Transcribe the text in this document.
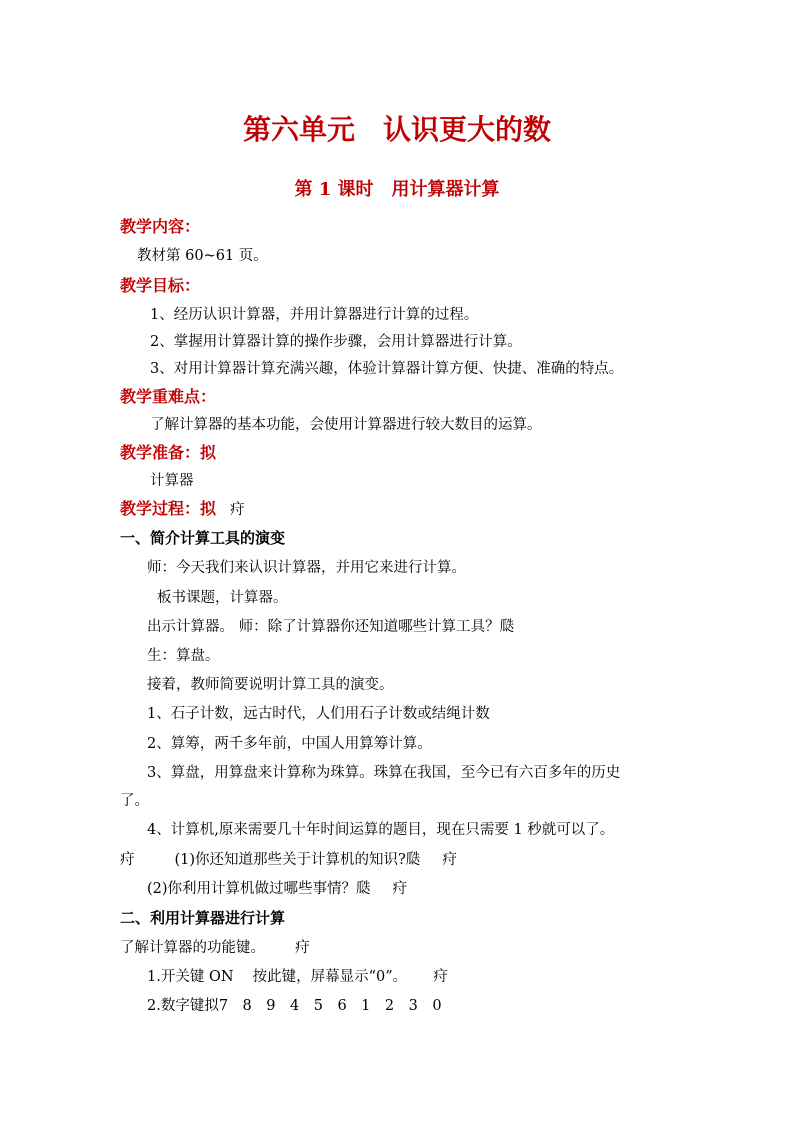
第六单元　认识更大的数
第 1 课时　用计算器计算
教学内容：
教材第 60~61 页。
教学目标：
1、经历认识计算器，并用计算器进行计算的过程。
2、掌握用计算器计算的操作步骤，会用计算器进行计算。
3、对用计算器计算充满兴趣，体验计算器计算方便、快捷、准确的特点。
教学重难点：
了解计算器的基本功能，会使用计算器进行较大数目的运算。
教学准备：拟
计算器
教学过程：拟 疛
一、简介计算工具的演变
师：今天我们来认识计算器，并用它来进行计算。
板书课题，计算器。
出示计算器。 师：除了计算器你还知道哪些计算工具？瓞
生：算盘。
接着，教师简要说明计算工具的演变。
1、石子计数，远古时代，人们用石子计数或结绳计数
2、算筹，两千多年前，中国人用算筹计算。
3、算盘，用算盘来计算称为珠算。珠算在我国，至今已有六百多年的历史
了。
4、计算机,原来需要几十年时间运算的题目，现在只需要 1 秒就可以了。
疛	(1)你还知道那些关于计算机的知识?瓞 疛
(2)你利用计算机做过哪些事情？瓞 疛
二、利用计算器进行计算
了解计算器的功能键。 疛
1.开关键 ON　 按此键，屏幕显示“0”。 疛
2.数字键拟7　8　9　4　5　6　1　2　3　0
